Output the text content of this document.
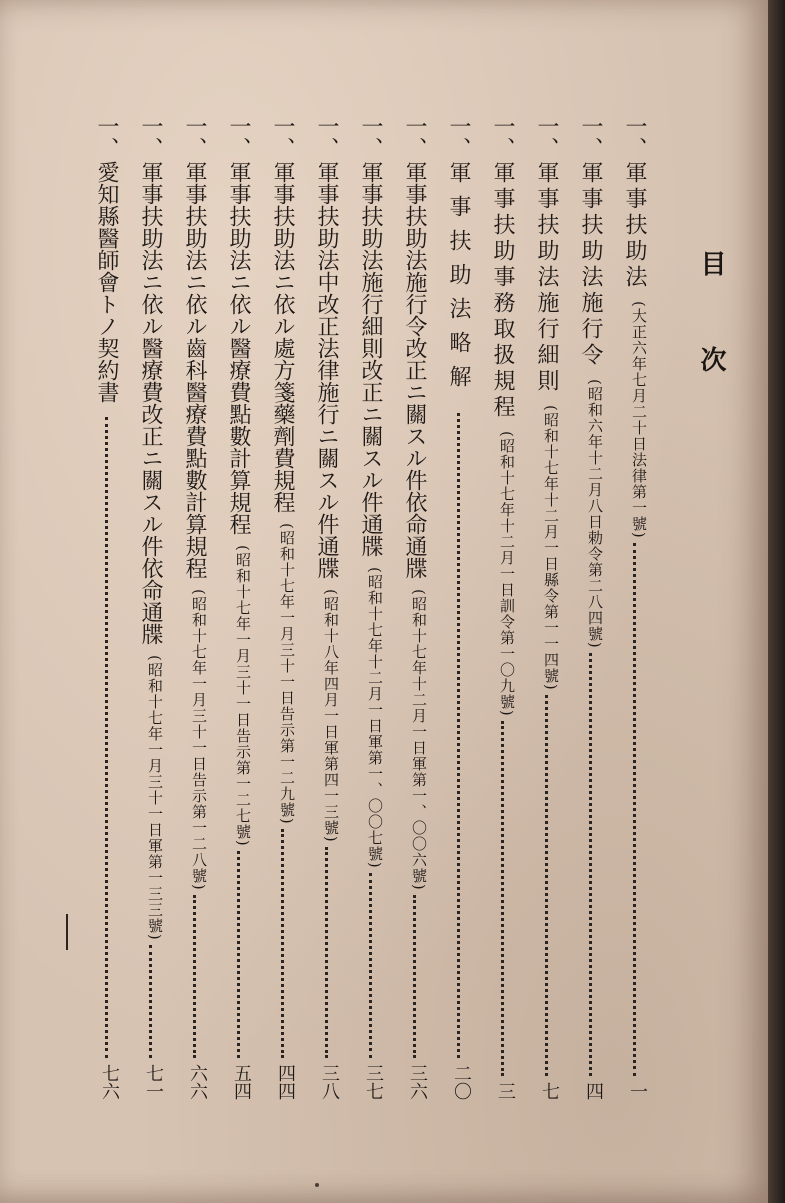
目次
一、
軍事扶助法
(大正六年七月二十日法律第一號)
一
一、
軍事扶助法施行令
(昭和六年十二月八日勅令第二八四號)
四
一、
軍事扶助法施行細則
(昭和十七年十二月一日縣令第一一四號)
七
一、
軍事扶助事務取扱規程
(昭和十七年十二月一日訓令第一〇九號)
三
一、
軍事扶助法略解
二〇
一、
軍事扶助法施行令改正ニ關スル件依命通牒
(昭和十七年十二月一日軍第一、〇〇六號)
三六
一、
軍事扶助法施行細則改正ニ關スル件通牒
(昭和十七年十二月一日軍第一、〇〇七號)
三七
一、
軍事扶助法中改正法律施行ニ關スル件通牒
(昭和十八年四月一日軍第四一三號)
三八
一、
軍事扶助法ニ依ル處方箋藥劑費規程
(昭和十七年一月三十一日告示第一二九號)
四四
一、
軍事扶助法ニ依ル醫療費點數計算規程
(昭和十七年一月三十一日告示第一二七號)
五四
一、
軍事扶助法ニ依ル齒科醫療費點數計算規程
(昭和十七年一月三十一日告示第一二八號)
六六
一、
軍事扶助法ニ依ル醫療費改正ニ關スル件依命通牒
(昭和十七年一月三十一日軍第一三三號)
七一
一、
愛知縣醫師會トノ契約書
七六
